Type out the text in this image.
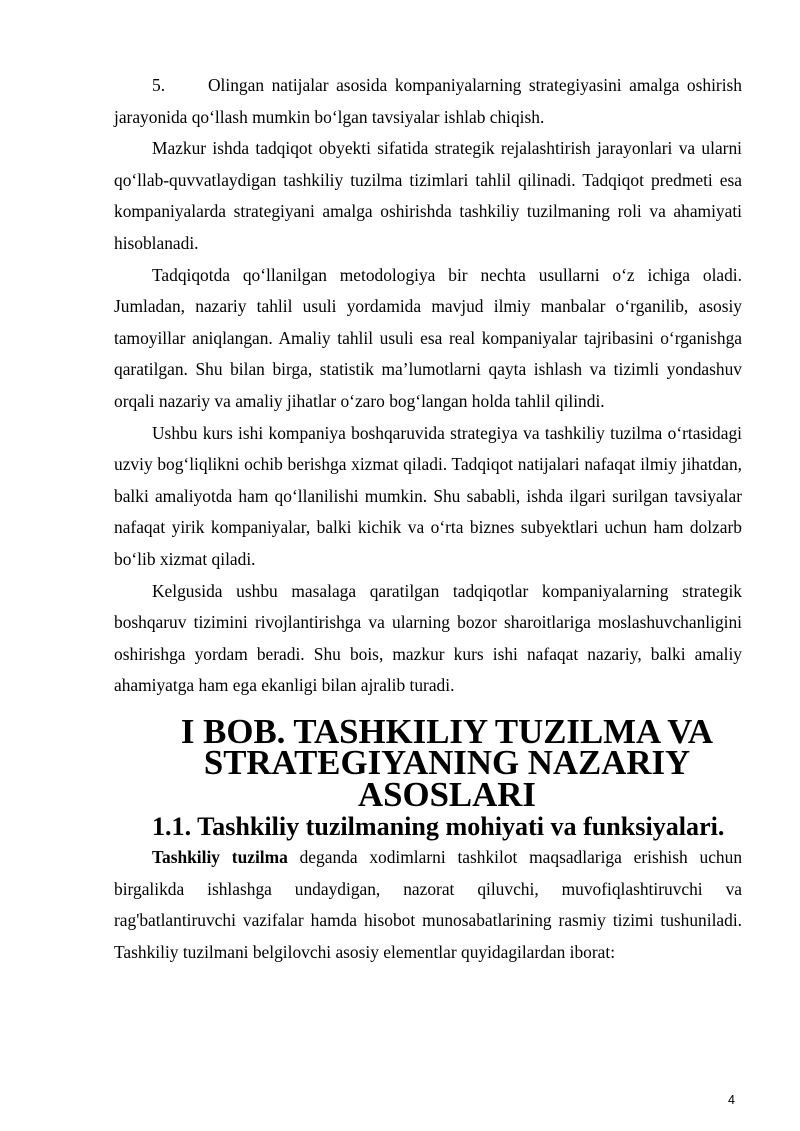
5. Olingan natijalar asosida kompaniyalarning strategiyasini amalga oshirish jarayonida qo‘llash mumkin bo‘lgan tavsiyalar ishlab chiqish.

Mazkur ishda tadqiqot obyekti sifatida strategik rejalashtirish jarayonlari va ularni qo‘llab-quvvatlaydigan tashkiliy tuzilma tizimlari tahlil qilinadi. Tadqiqot predmeti esa kompaniyalarda strategiyani amalga oshirishda tashkiliy tuzilmaning roli va ahamiyati hisoblanadi.

Tadqiqotda qo‘llanilgan metodologiya bir nechta usullarni o‘z ichiga oladi. Jumladan, nazariy tahlil usuli yordamida mavjud ilmiy manbalar o‘rganilib, asosiy tamoyillar aniqlangan. Amaliy tahlil usuli esa real kompaniyalar tajribasini o‘rganishga qaratilgan. Shu bilan birga, statistik ma’lumotlarni qayta ishlash va tizimli yondashuv orqali nazariy va amaliy jihatlar o‘zaro bog‘langan holda tahlil qilindi.

Ushbu kurs ishi kompaniya boshqaruvida strategiya va tashkiliy tuzilma o‘rtasidagi uzviy bog‘liqlikni ochib berishga xizmat qiladi. Tadqiqot natijalari nafaqat ilmiy jihatdan, balki amaliyotda ham qo‘llanilishi mumkin. Shu sababli, ishda ilgari surilgan tavsiyalar nafaqat yirik kompaniyalar, balki kichik va o‘rta biznes subyektlari uchun ham dolzarb bo‘lib xizmat qiladi.

Kelgusida ushbu masalaga qaratilgan tadqiqotlar kompaniyalarning strategik boshqaruv tizimini rivojlantirishga va ularning bozor sharoitlariga moslashuvchanligini oshirishga yordam beradi. Shu bois, mazkur kurs ishi nafaqat nazariy, balki amaliy ahamiyatga ham ega ekanligi bilan ajralib turadi.

I BOB. TASHKILIY TUZILMA VA STRATEGIYANING NAZARIY ASOSLARI
1.1. Tashkiliy tuzilmaning mohiyati va funksiyalari.

Tashkiliy tuzilma deganda xodimlarni tashkilot maqsadlariga erishish uchun birgalikda ishlashga undaydigan, nazorat qiluvchi, muvofiqlashtiruvchi va rag'batlantiruvchi vazifalar hamda hisobot munosabatlarining rasmiy tizimi tushuniladi. Tashkiliy tuzilmani belgilovchi asosiy elementlar quyidagilardan iborat:

4
